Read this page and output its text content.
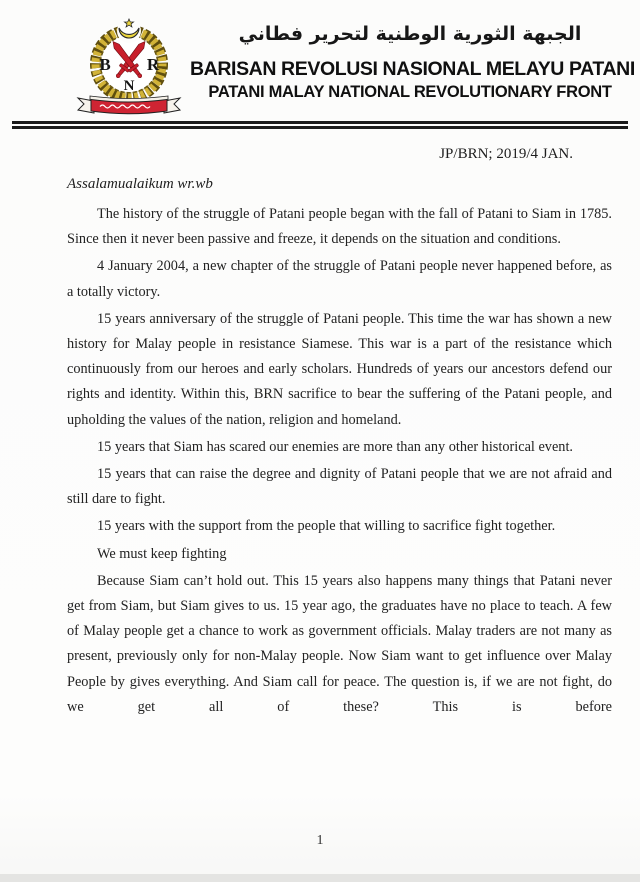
B R
N
الجبهة الثورية الوطنية لتحرير فطاني
BARISAN REVOLUSI NASIONAL MELAYU PATANI
PATANI MALAY NATIONAL REVOLUTIONARY FRONT
JP/BRN; 2019/4 JAN.
Assalamualaikum wr.wb

The history of the struggle of Patani people began with the fall of Patani to Siam in 1785. Since then it never been passive and freeze, it depends on the situation and conditions.

4 January 2004, a new chapter of the struggle of Patani people never happened before, as a totally victory.

15 years anniversary of the struggle of Patani people. This time the war has shown a new history for Malay people in resistance Siamese. This war is a part of the resistance which continuously from our heroes and early scholars. Hundreds of years our ancestors defend our rights and identity. Within this, BRN sacrifice to bear the suffering of the Patani people, and upholding the values of the nation, religion and homeland.

15 years that Siam has scared our enemies are more than any other historical event.

15 years that can raise the degree and dignity of Patani people that we are not afraid and still dare to fight.

15 years with the support from the people that willing to sacrifice fight together.

We must keep fighting

Because Siam can’t hold out. This 15 years also happens many things that Patani never get from Siam, but Siam gives to us. 15 year ago, the graduates have no place to teach. A few of Malay people get a chance to work as government officials. Malay traders are not many as present, previously only for non-Malay people. Now Siam want to get influence over Malay People by gives everything. And Siam call for peace. The question is, if we are not fight, do we get all of these? This is before

1
